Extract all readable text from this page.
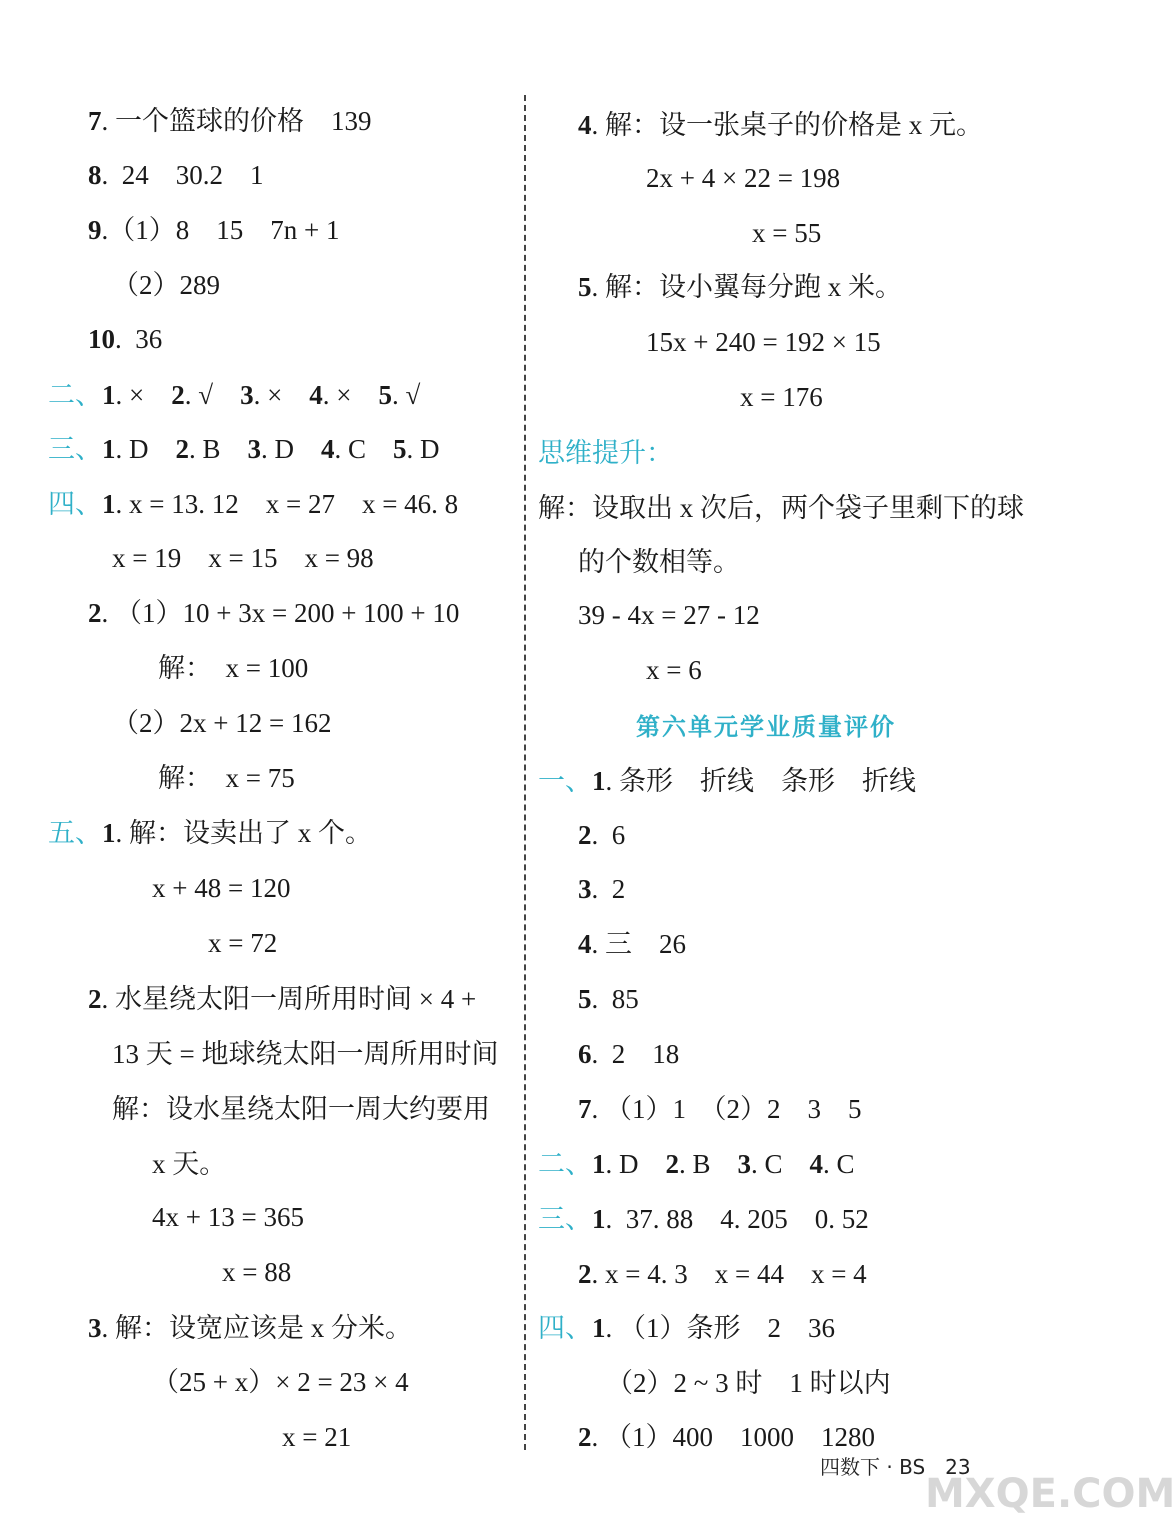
7. 一个篮球的价格　139
8.  24　30.2　1
9.（1）8　15　7n + 1
（2）289
10.  36
二、1. ×　2. √　3. ×　4. ×　5. √
三、1. D　2. B　3. D　4. C　5. D
四、1. x = 13. 12　x = 27　x = 46. 8
x = 19　x = 15　x = 98
2. （1）10 + 3x = 200 + 100 + 10
解：　x = 100
（2）2x + 12 = 162
解：　x = 75
五、1. 解：设卖出了 x 个。
x + 48 = 120
x = 72
2. 水星绕太阳一周所用时间 × 4 +
13 天 = 地球绕太阳一周所用时间
解：设水星绕太阳一周大约要用
x 天。
4x + 13 = 365
x = 88
3. 解：设宽应该是 x 分米。
（25 + x）× 2 = 23 × 4
x = 21
4. 解：设一张桌子的价格是 x 元。
2x + 4 × 22 = 198
x = 55
5. 解：设小翼每分跑 x 米。
15x + 240 = 192 × 15
x = 176
思维提升：
解：设取出 x 次后，两个袋子里剩下的球
的个数相等。
39 - 4x = 27 - 12
x = 6
一、1. 条形　折线　条形　折线
2.  6
3.  2
4. 三　26
5.  85
6.  2　18
7. （1）1　（2）2　3　5
二、1. D　2. B　3. C　4. C
三、1.  37. 88　4. 205　0. 52
2. x = 4. 3　x = 44　x = 4
四、1. （1）条形　2　36
（2）2 ~ 3 时　1 时以内
2. （1）400　1000　1280
第六单元学业质量评价
四数下 · BS　23
MXQE.COM
